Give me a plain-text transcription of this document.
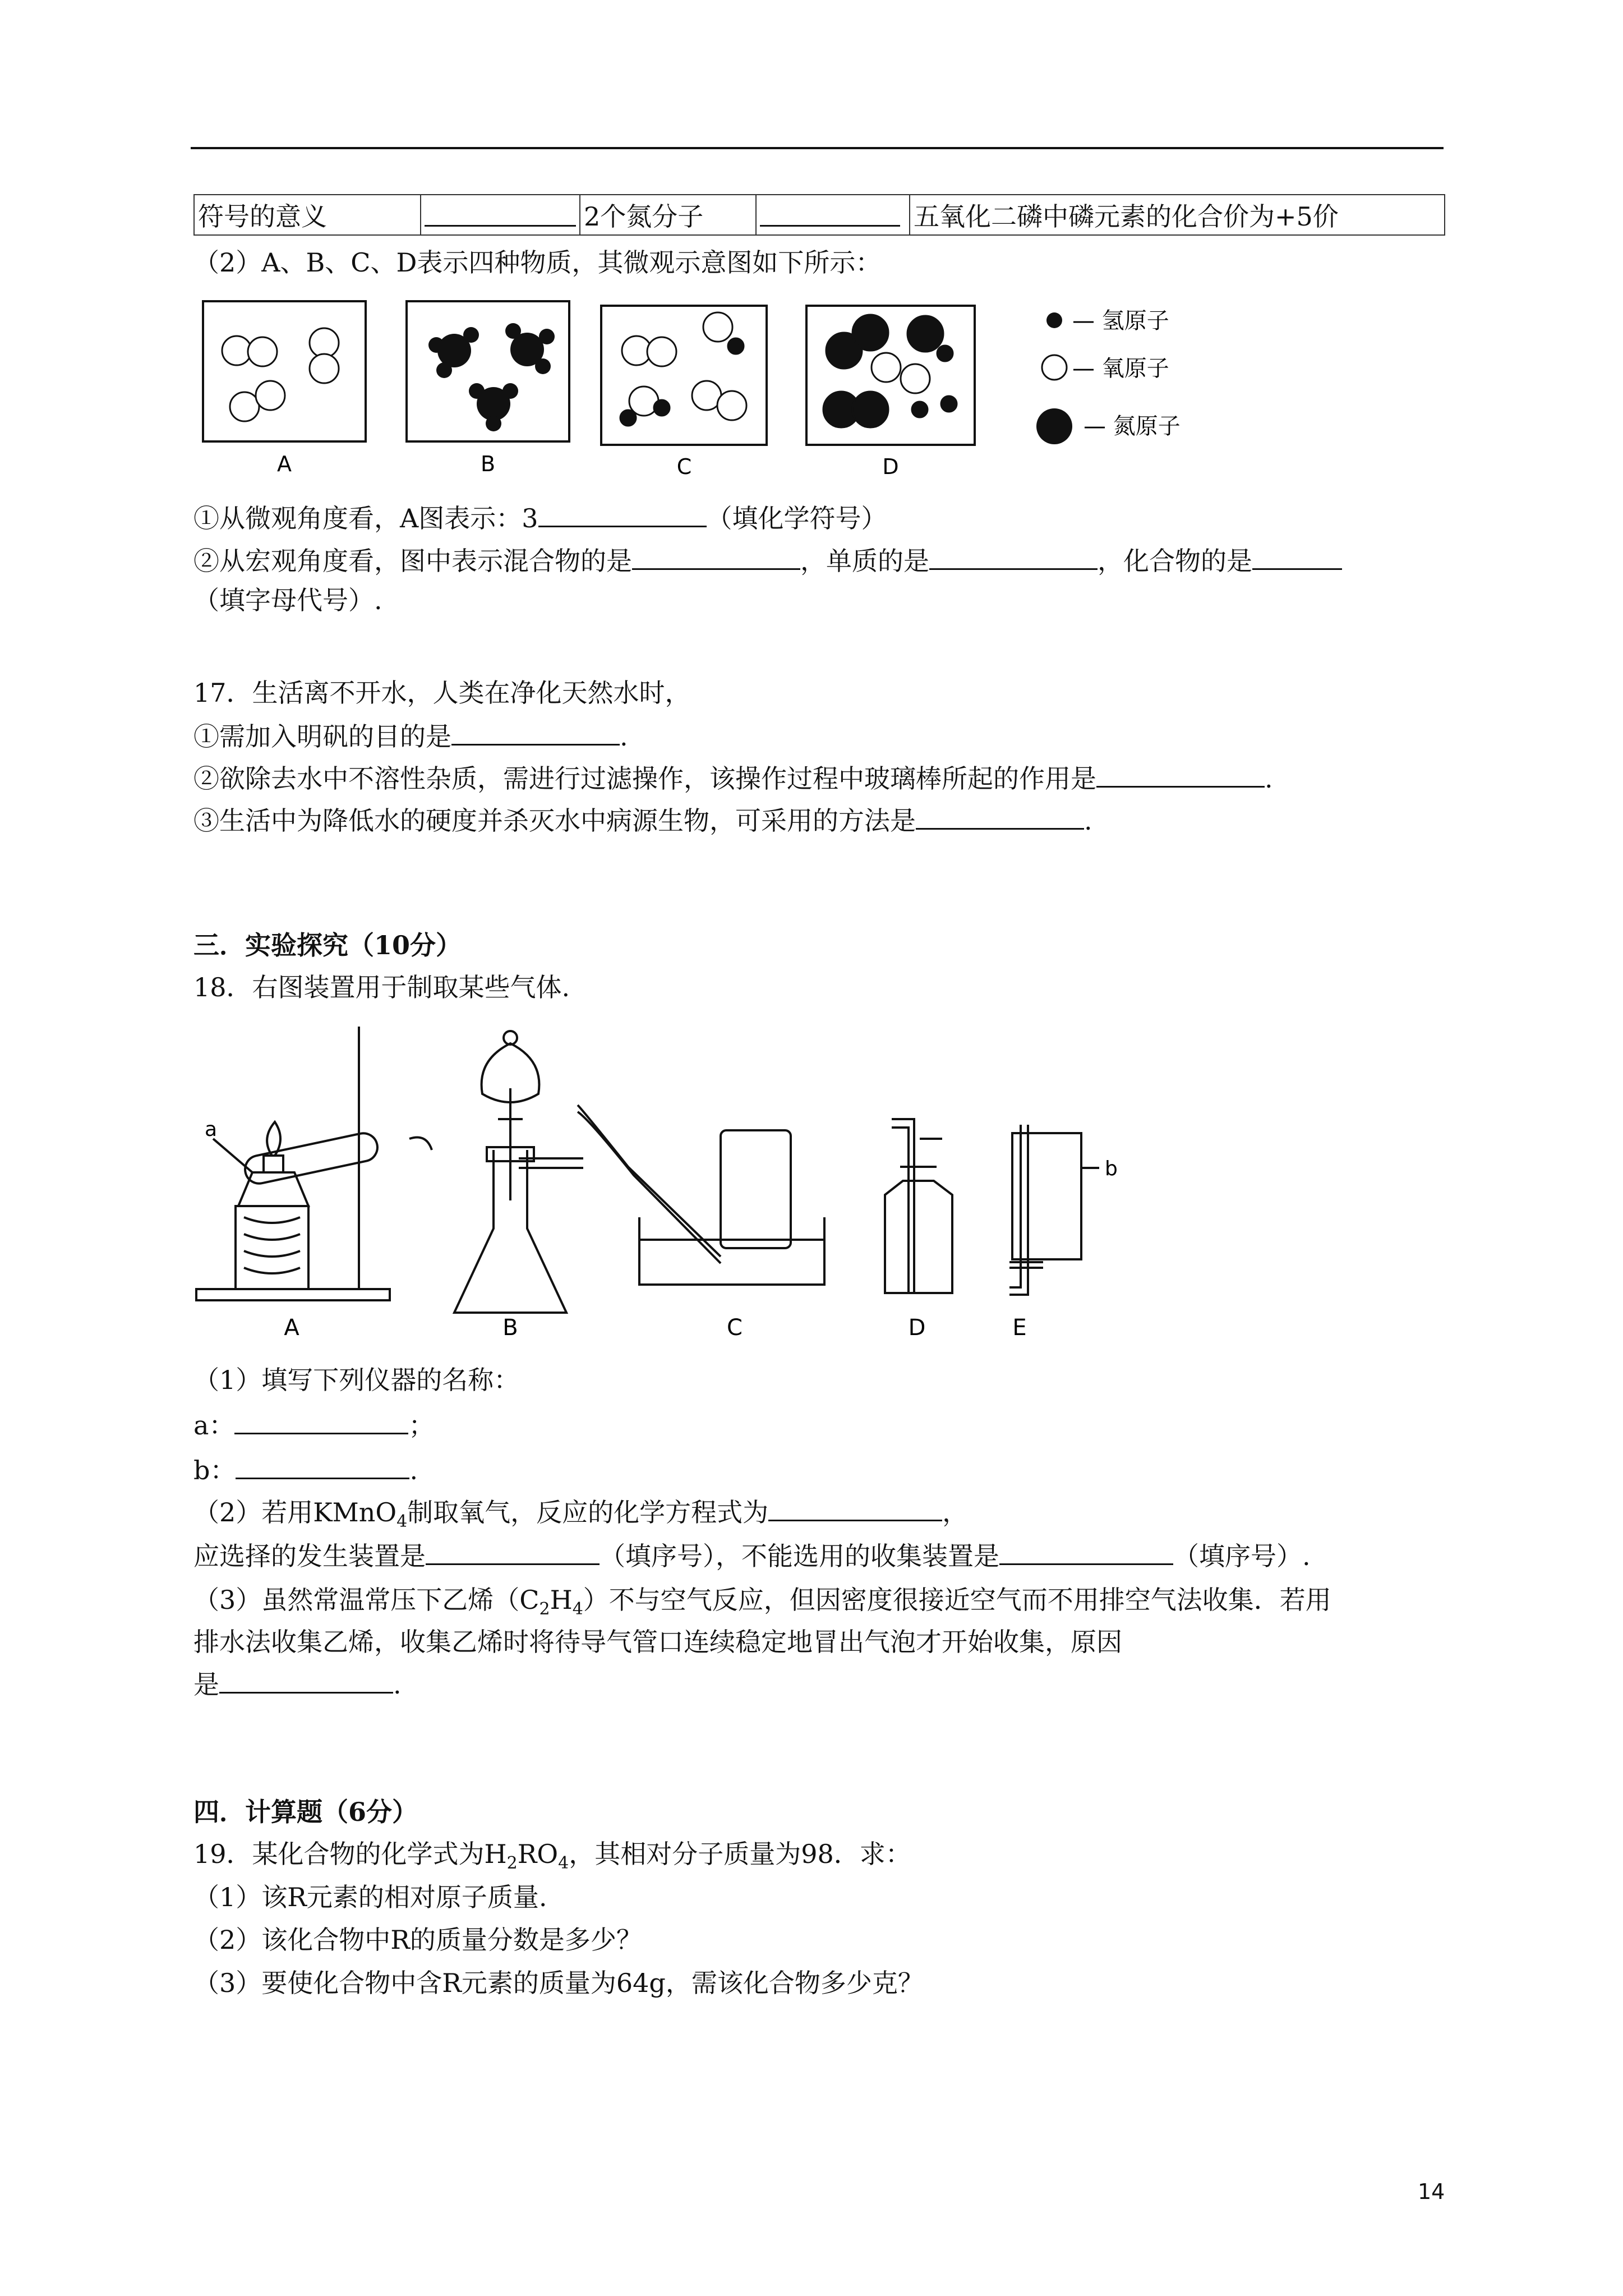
符号的意义		2个氮分子		五氧化二磷中磷元素的化合价为+5价
（2）A、B、C、D表示四种物质，其微观示意图如下所示：
A	B	C	D
— 氢原子
— 氧原子
— 氮原子
①从微观角度看，A图表示：3	（填化学符号）
②从宏观角度看，图中表示混合物的是	，单质的是	，化合物的是
（填字母代号）.
17．生活离不开水，人类在净化天然水时，
①需加入明矾的目的是	.
②欲除去水中不溶性杂质，需进行过滤操作，该操作过程中玻璃棒所起的作用是	.
③生活中为降低水的硬度并杀灭水中病源生物，可采用的方法是	.
三．实验探究（10分）
18．右图装置用于制取某些气体.
a
b
A	B	C	D	E
（1）填写下列仪器的名称：
a：	；
b：	.
（2）若用KMnO$_4$制取氧气，反应的化学方程式为	，
应选择的发生装置是	（填序号），不能选用的收集装置是	（填序号）.
（3）虽然常温常压下乙烯$(C_2H_4)$不与空气反应，但因密度很接近空气而不用排空气法收集．若用
排水法收集乙烯，收集乙烯时将待导气管口连续稳定地冒出气泡才开始收集，原因
是	.
四．计算题（6分）
19．某化合物的化学式为$H_2RO_4$，其相对分子质量为98．求：
（1）该R元素的相对原子质量.
（2）该化合物中R的质量分数是多少？
（3）要使化合物中含R元素的质量为64g，需该化合物多少克？
14
